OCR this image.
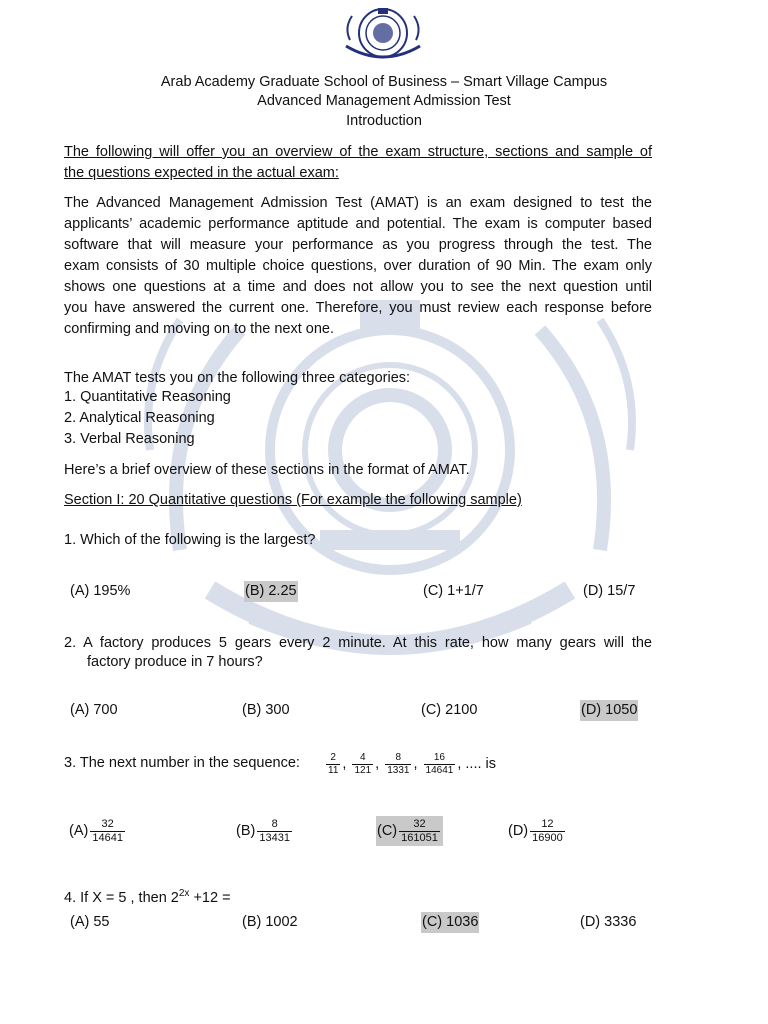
Arab Academy Graduate School of Business – Smart Village Campus
Advanced Management Admission Test
Introduction
The following will offer you an overview of the exam structure, sections and sample of
the questions expected in the actual exam:
The Advanced Management Admission Test (AMAT) is an exam designed to test the
applicants’ academic performance aptitude and potential. The exam is computer based
software that will measure your performance as you progress through the test. The
exam consists of 30 multiple choice questions, over duration of 90 Min. The exam only
shows one questions at a time and does not allow you to see the next question until
you have answered the current one. Therefore, you must review each response before
confirming and moving on to the next one.
The AMAT tests you on the following three categories:
1. Quantitative Reasoning
2. Analytical Reasoning
3. Verbal Reasoning
Here’s a brief overview of these sections in the format of AMAT.
Section I: 20 Quantitative questions (For example the following sample)
1. Which of the following is the largest?
(A) 195%	(B) 2.25	(C) 1+1/7	(D) 15/7
2. A factory produces 5 gears every 2 minute. At this rate, how many gears will the
factory produce in 7 hours?
(A) 700	(B) 300	(C) 2100	(D) 1050
3. The next number in the sequence:	$\frac{2}{11}$ , $\frac{4}{121}$ , $\frac{8}{1331}$ , $\frac{16}{14641}$ , .... is
$(A) \frac{32}{14641}$	$(B) \frac{8}{13431}$	$(C) \frac{32}{161051}$	$(D) \frac{12}{16900}$
4. If X = 5 , then $2^{2x} +12$ =
(A) 55	(B) 1002	(C) 1036	(D) 3336
